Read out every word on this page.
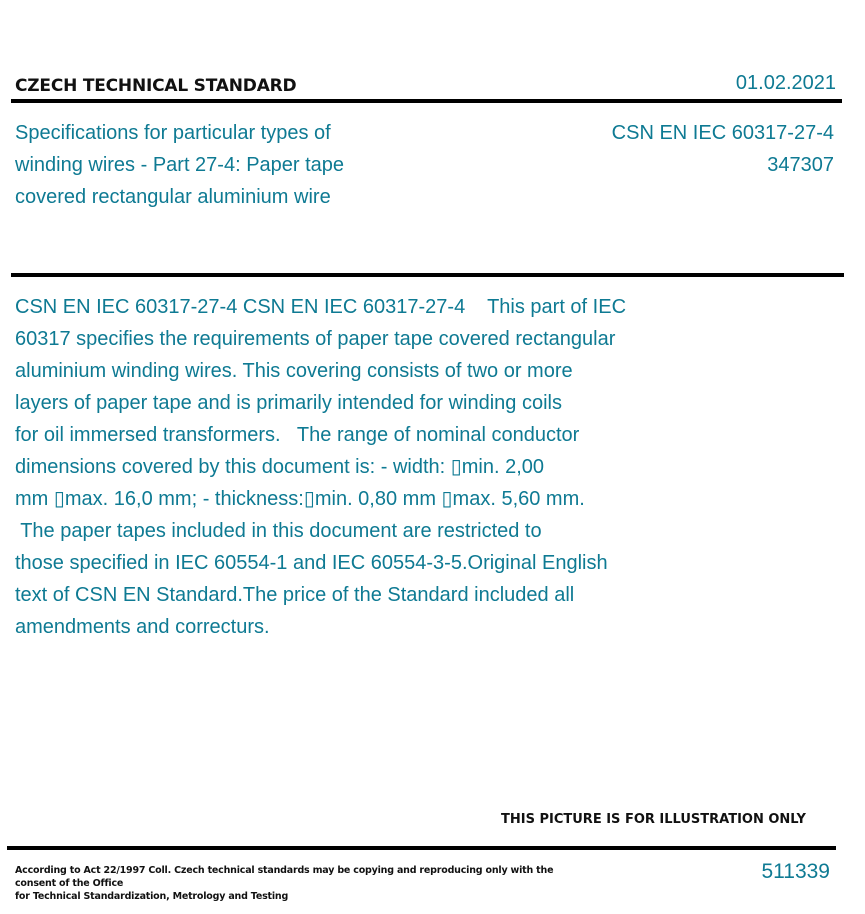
CZECH TECHNICAL STANDARD	01.02.2021
Specifications for particular types of
winding wires - Part 27-4: Paper tape
covered rectangular aluminium wire
CSN EN IEC 60317-27-4
347307
CSN EN IEC 60317-27-4 CSN EN IEC 60317-27-4    This part of IEC
60317 specifies the requirements of paper tape covered rectangular
aluminium winding wires. This covering consists of two or more
layers of paper tape and is primarily intended for winding coils
for oil immersed transformers.   The range of nominal conductor
dimensions covered by this document is: - width: ▯min. 2,00
mm ▯max. 16,0 mm; - thickness:▯min. 0,80 mm ▯max. 5,60 mm.
The paper tapes included in this document are restricted to
those specified in IEC 60554-1 and IEC 60554-3-5.Original English
text of CSN EN Standard.The price of the Standard included all
amendments and correcturs.
THIS PICTURE IS FOR ILLUSTRATION ONLY
According to Act 22/1997 Coll. Czech technical standards may be copying and reproducing only with the consent of the Office
for Technical Standardization, Metrology and Testing
511339
